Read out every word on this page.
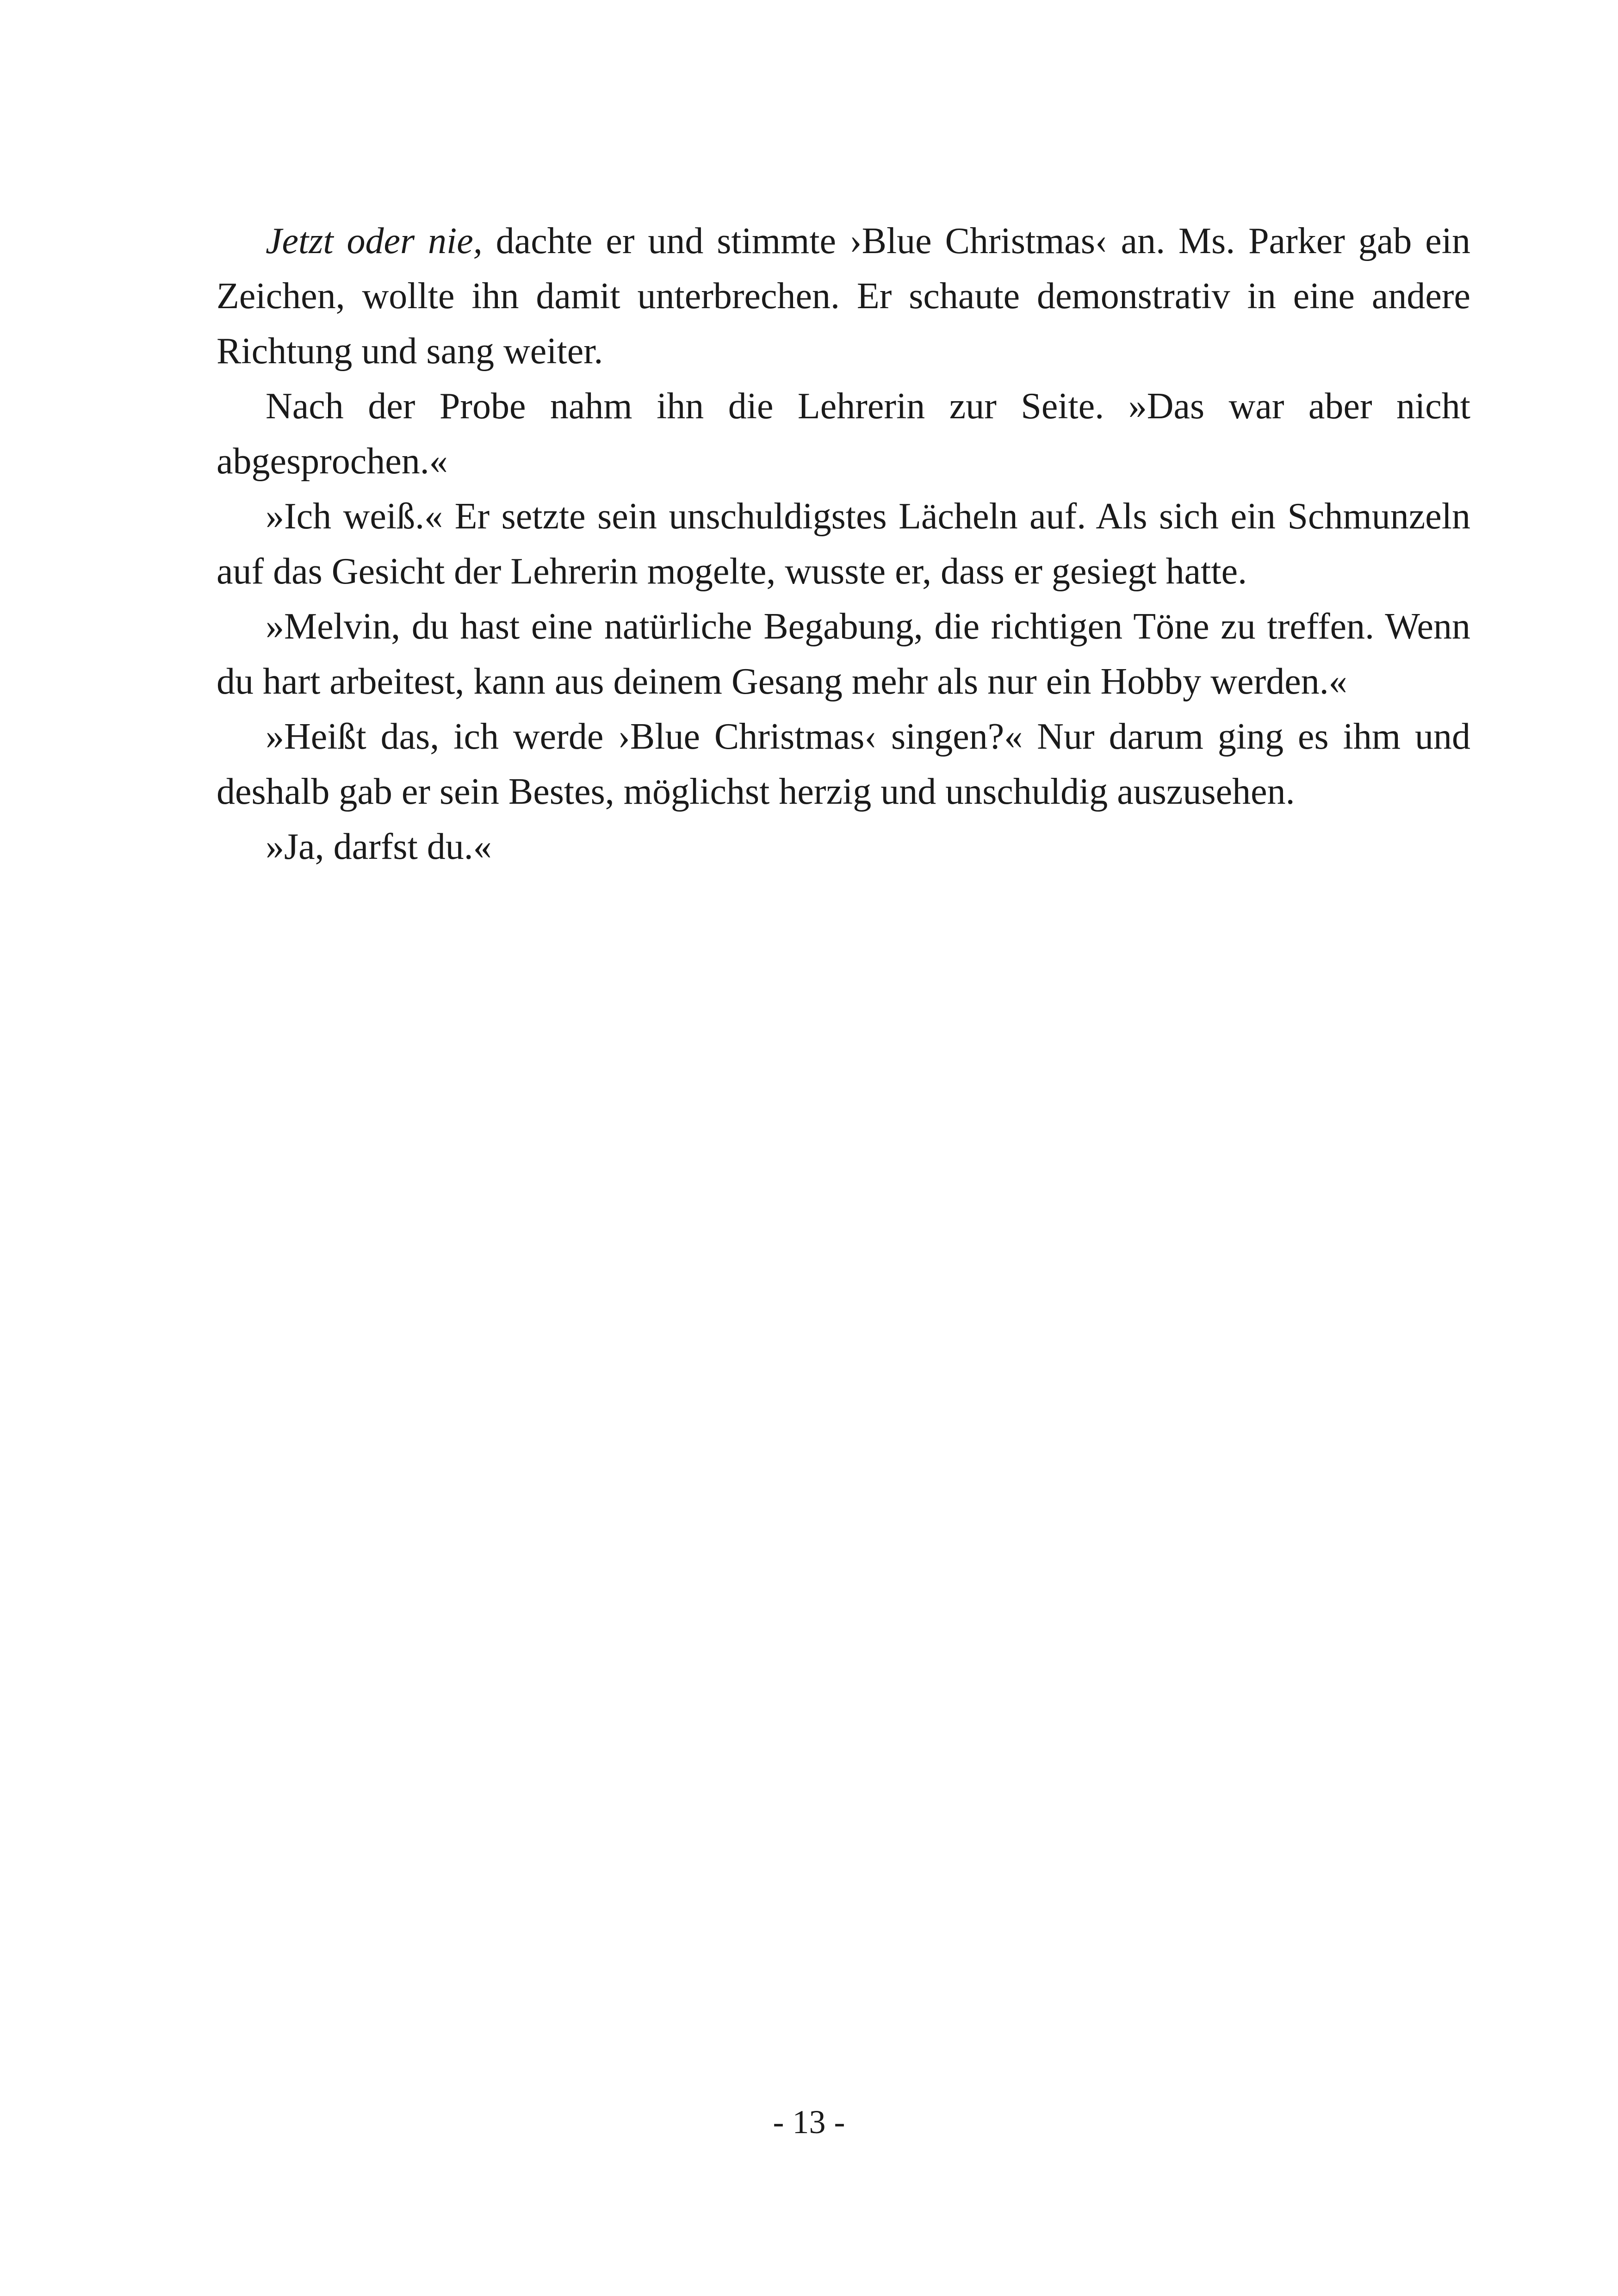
Jetzt oder nie, dachte er und stimmte ›Blue Christmas‹ an. Ms. Parker gab ein Zeichen, wollte ihn damit unterbrechen. Er schaute demonstrativ in eine andere Richtung und sang weiter.

Nach der Probe nahm ihn die Lehrerin zur Seite. »Das war aber nicht abgesprochen.«

»Ich weiß.« Er setzte sein unschuldigstes Lächeln auf. Als sich ein Schmunzeln auf das Gesicht der Lehrerin mogelte, wusste er, dass er gesiegt hatte.

»Melvin, du hast eine natürliche Begabung, die richtigen Töne zu treffen. Wenn du hart arbeitest, kann aus deinem Gesang mehr als nur ein Hobby werden.«

»Heißt das, ich werde ›Blue Christmas‹ singen?« Nur darum ging es ihm und deshalb gab er sein Bestes, möglichst herzig und unschuldig auszusehen.

»Ja, darfst du.«

- 13 -
